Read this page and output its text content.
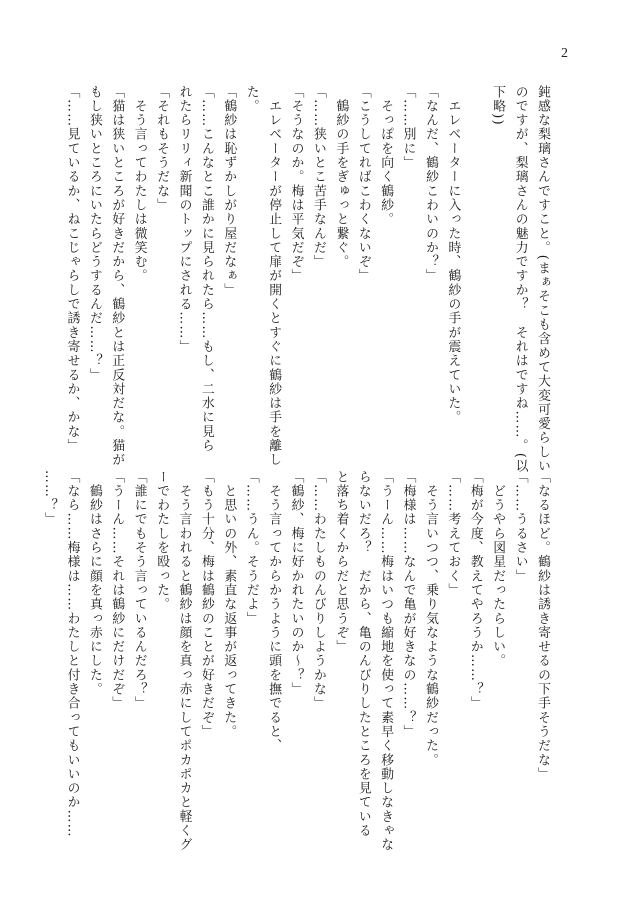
2
鈍感な梨璃さんですこと。(まぁそこも含めて大変可愛らしい
のですが、梨璃さんの魅力ですか？　それはですね……。(以
下略))

　エレベーターに入った時、鶴紗の手が震えていた。
「なんだ、鶴紗こわいのか？」
「……別に」
　そっぽを向く鶴紗。
「こうしてればこわくないぞ」
　鶴紗の手をぎゅっと繋ぐ。
「……狭いとこ苦手なんだ」
「そうなのか。梅は平気だぞ」
　エレベーターが停止して扉が開くとすぐに鶴紗は手を離し
た。
「鶴紗は恥ずかしがり屋だなぁ」
「……こんなとこ誰かに見られたら……もし、二水に見ら
れたらリリィ新聞のトップにされる……」
「それもそうだな」
　そう言ってわたしは微笑む。
「猫は狭いところが好きだから、鶴紗とは正反対だな。猫が
もし狭いところにいたらどうするんだ……？」
「……見ているか、ねこじゃらしで誘き寄せるか、かな」
「なるほど。鶴紗は誘き寄せるの下手そうだな」
「……うるさい」
　どうやら図星だったらしい。
「梅が今度、教えてやろうか……？」
「……考えておく」
　そう言いつつ、乗り気なような鶴紗だった。
「梅様は……なんで亀が好きなの……？」
「うーん……梅はいつも縮地を使って素早く移動しなきゃな
らないだろ？　だから、亀のんびりしたところを見ている
と落ち着くからだと思うぞ」
「……わたしものんびりしようかな」
「鶴紗、梅に好かれたいのか～？」
　そう言ってからかうように頭を撫でると、
「……うん。そうだよ」
　と思いの外、素直な返事が返ってきた。
「もう十分、梅は鶴紗のことが好きだぞ」
　そう言われると鶴紗は顔を真っ赤にしてポカポカと軽くグ
ーでわたしを殴った。
「誰にでもそう言っているんだろ？」
「うーん……それは鶴紗にだけだぞ」
　鶴紗はさらに顔を真っ赤にした。
「なら……梅様は……わたしと付き合ってもいいのか……
……？」
